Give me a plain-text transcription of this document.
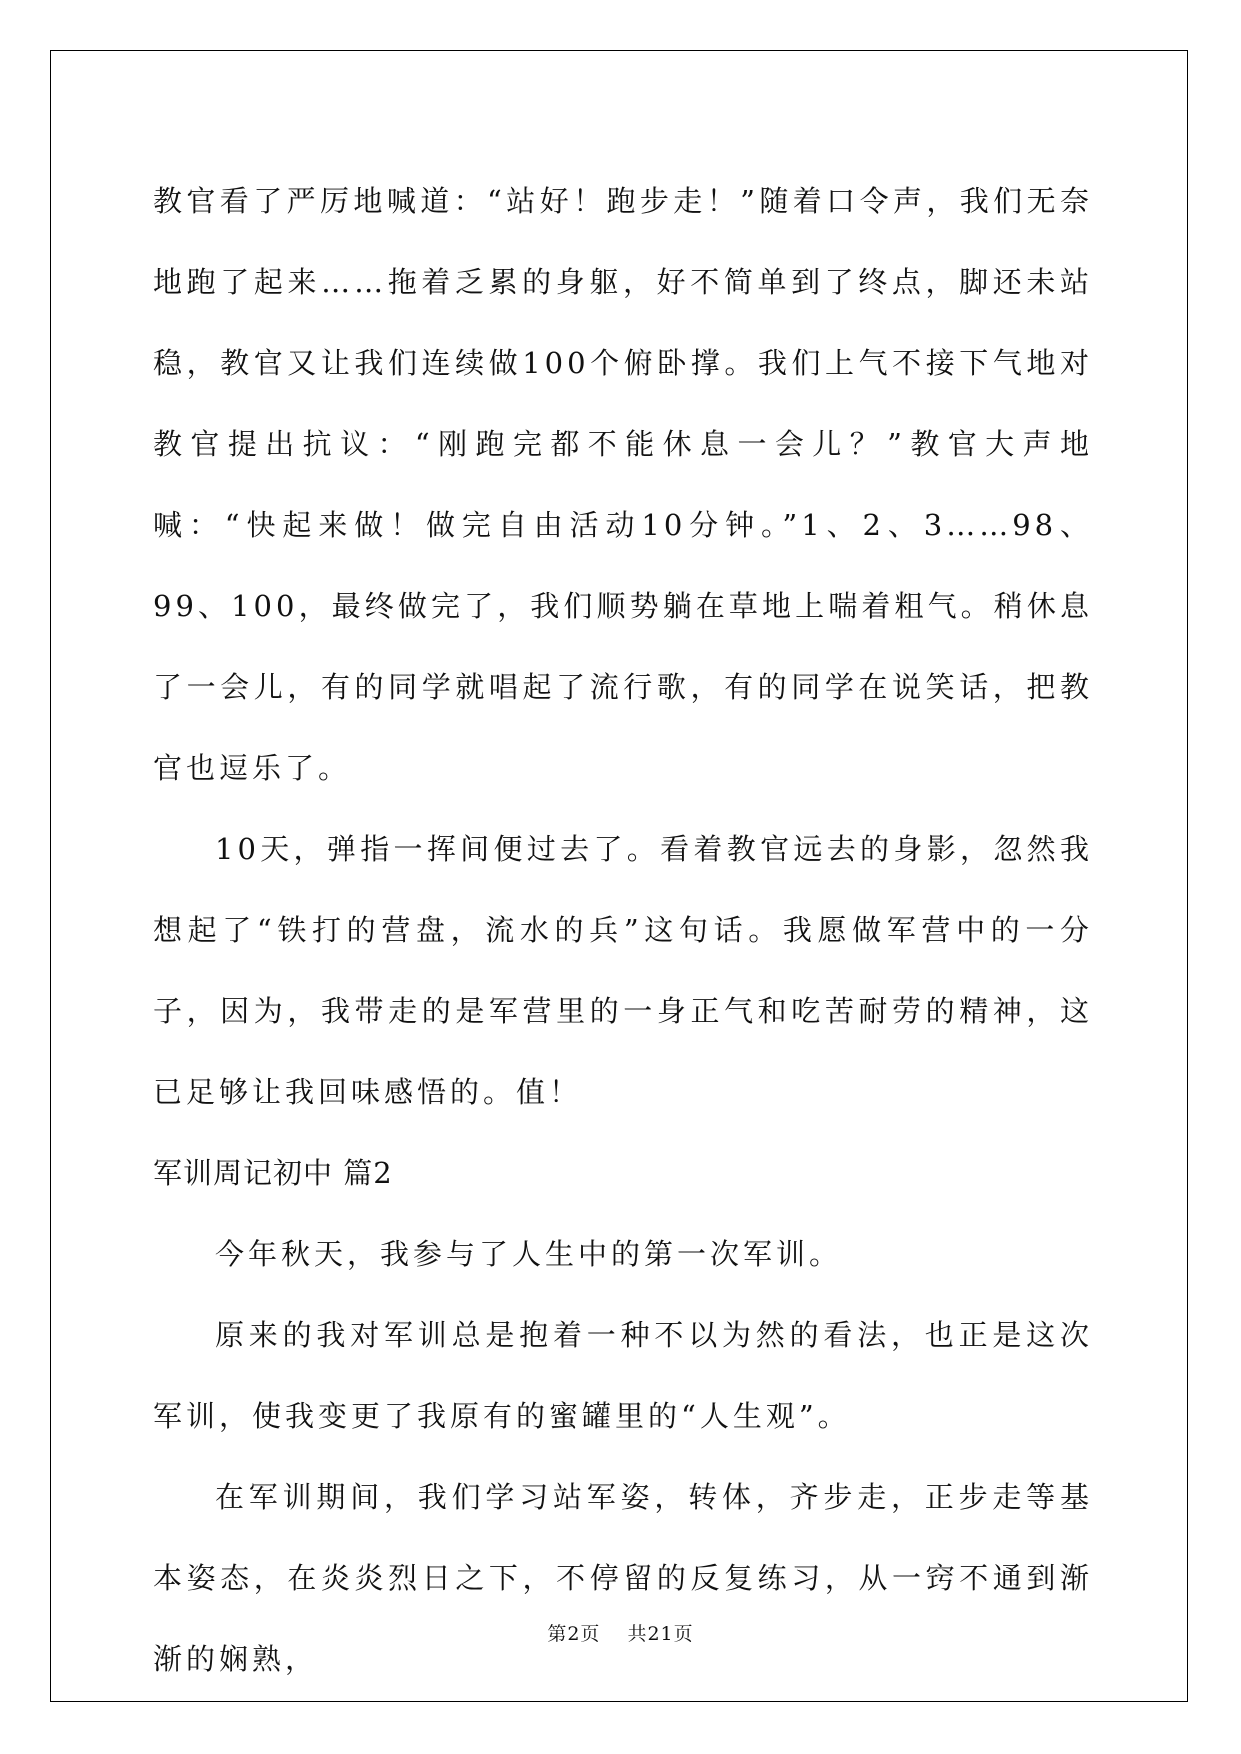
教官看了严厉地喊道：“站好！跑步走！”随着口令声，我们无奈地跑了起来……拖着乏累的身躯，好不简单到了终点，脚还未站稳，教官又让我们连续做100个俯卧撑。我们上气不接下气地对教官提出抗议：“刚跑完都不能休息一会儿？”教官大声地喊：“快起来做！做完自由活动10分钟。”1、2、3……98、99、100，最终做完了，我们顺势躺在草地上喘着粗气。稍休息了一会儿，有的同学就唱起了流行歌，有的同学在说笑话，把教官也逗乐了。

10天，弹指一挥间便过去了。看着教官远去的身影，忽然我想起了“铁打的营盘，流水的兵”这句话。我愿做军营中的一分子，因为，我带走的是军营里的一身正气和吃苦耐劳的精神，这已足够让我回味感悟的。值！

军训周记初中 篇2

今年秋天，我参与了人生中的第一次军训。

原来的我对军训总是抱着一种不以为然的看法，也正是这次军训，使我变更了我原有的蜜罐里的“人生观”。

在军训期间，我们学习站军姿，转体，齐步走，正步走等基本姿态，在炎炎烈日之下，不停留的反复练习，从一窍不通到渐渐的娴熟，

第2页 共21页
